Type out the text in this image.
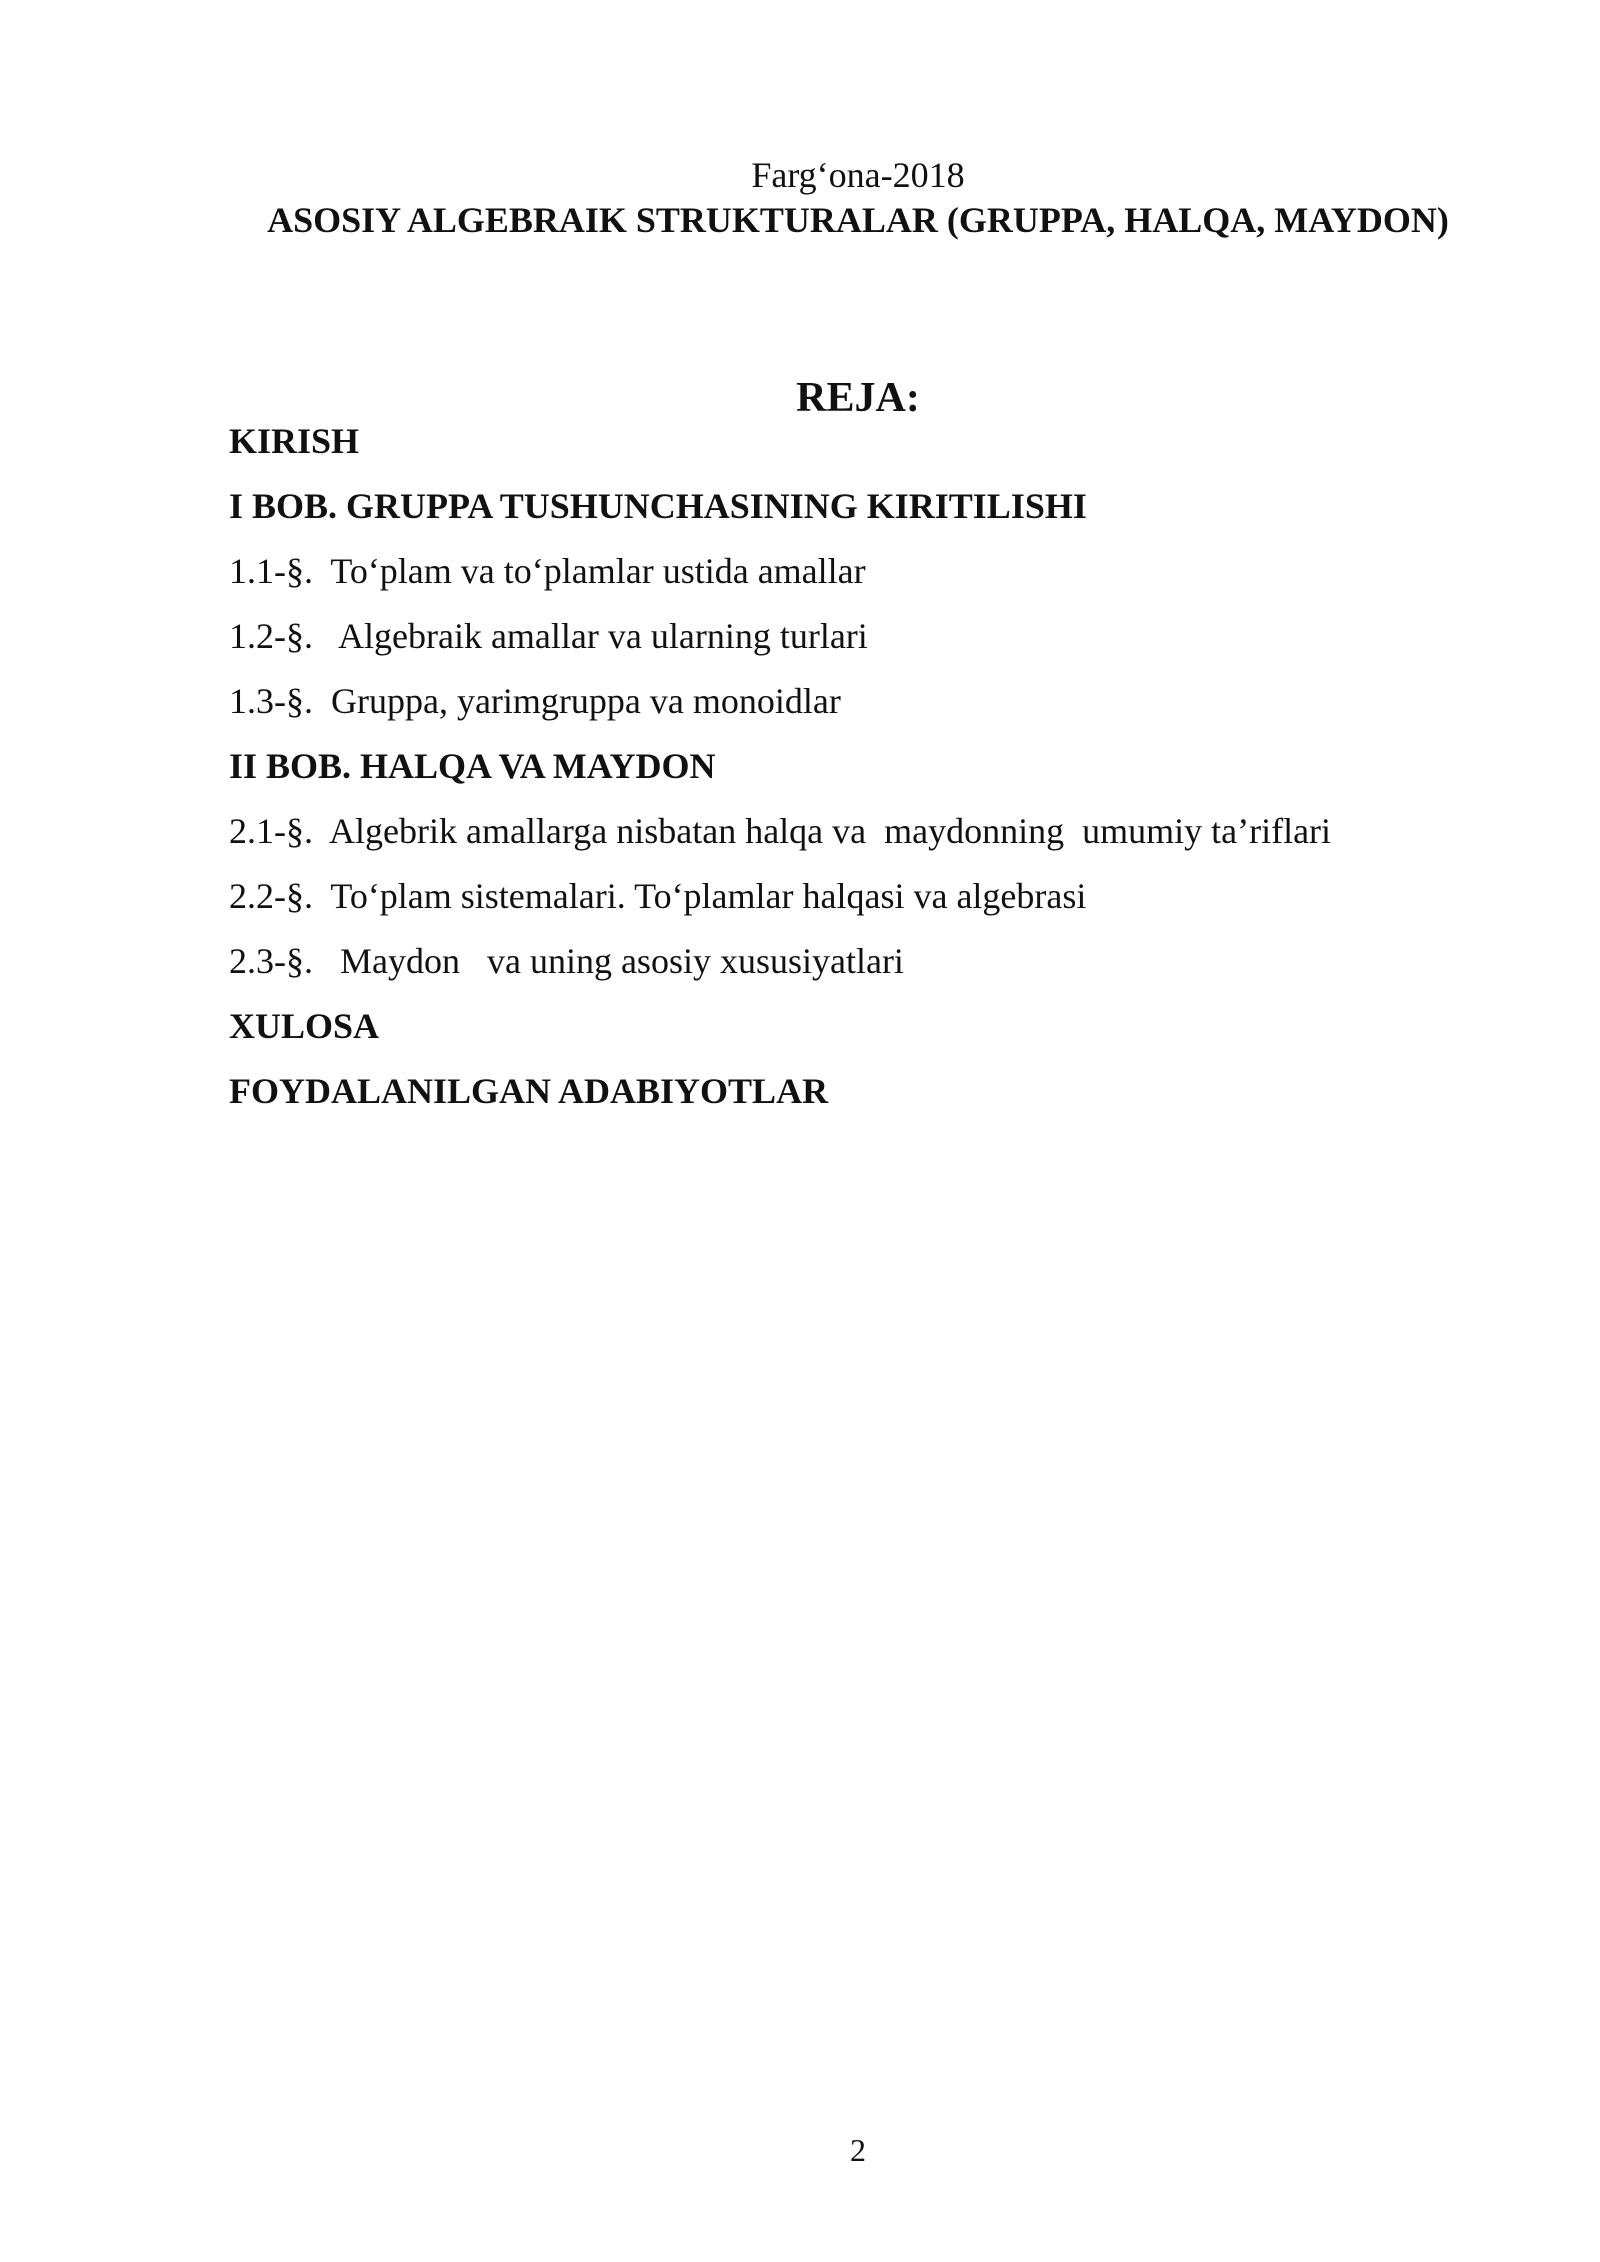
Farg‘ona-2018
ASOSIY ALGEBRAIK STRUKTURALAR (GRUPPA, HALQA, MAYDON)
REJA:
KIRISH
I BOB. GRUPPA TUSHUNCHASINING KIRITILISHI
1.1-§.  To‘plam va to‘plamlar ustida amallar
1.2-§.   Algebraik amallar va ularning turlari
1.3-§.  Gruppa, yarimgruppa va monoidlar
II BOB. HALQA VA MAYDON
2.1-§.  Algebrik amallarga nisbatan halqa va  maydonning  umumiy ta’riflari
2.2-§.  To‘plam sistemalari. To‘plamlar halqasi va algebrasi
2.3-§.   Maydon   va uning asosiy xususiyatlari
XULOSA
FOYDALANILGAN ADABIYOTLAR
2
